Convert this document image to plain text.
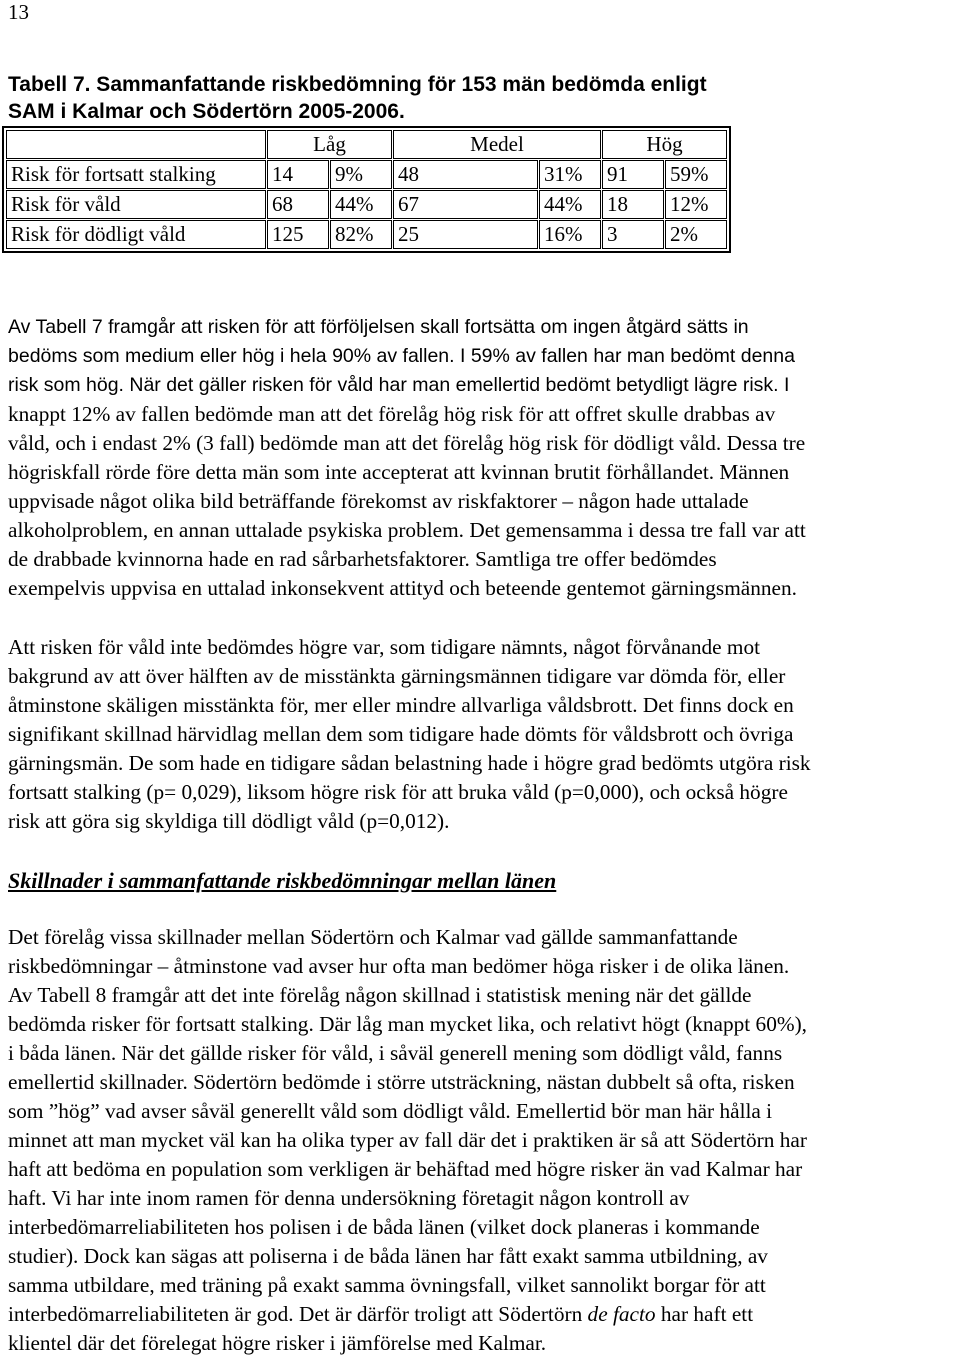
13
Tabell 7. Sammanfattande riskbedömning för 153 män bedömda enligt
SAM i Kalmar och Södertörn 2005-2006.
	Låg		Medel		Hög	
Risk för fortsatt stalking	14	9%	48	31%	91	59%
Risk för våld	68	44%	67	44%	18	12%
Risk för dödligt våld	125	82%	25	16%	3	2%

Av Tabell 7 framgår att risken för att förföljelsen skall fortsätta om ingen åtgärd sätts in
bedöms som medium eller hög i hela 90% av fallen. I 59% av fallen har man bedömt denna
risk som hög. När det gäller risken för våld har man emellertid bedömt betydligt lägre risk. I

knappt 12% av fallen bedömde man att det förelåg hög risk för att offret skulle drabbas av
våld, och i endast 2% (3 fall) bedömde man att det förelåg hög risk för dödligt våld. Dessa tre
högriskfall rörde före detta män som inte accepterat att kvinnan brutit förhållandet. Männen
uppvisade något olika bild beträffande förekomst av riskfaktorer – någon hade uttalade
alkoholproblem, en annan uttalade psykiska problem. Det gemensamma i dessa tre fall var att
de drabbade kvinnorna hade en rad sårbarhetsfaktorer. Samtliga tre offer bedömdes
exempelvis uppvisa en uttalad inkonsekvent attityd och beteende gentemot gärningsmännen.

Att risken för våld inte bedömdes högre var, som tidigare nämnts, något förvånande mot
bakgrund av att över hälften av de misstänkta gärningsmännen tidigare var dömda för, eller
åtminstone skäligen misstänkta för, mer eller mindre allvarliga våldsbrott. Det finns dock en
signifikant skillnad härvidlag mellan dem som tidigare hade dömts för våldsbrott och övriga
gärningsmän. De som hade en tidigare sådan belastning hade i högre grad bedömts utgöra risk
fortsatt stalking (p= 0,029), liksom högre risk för att bruka våld (p=0,000), och också högre
risk att göra sig skyldiga till dödligt våld (p=0,012).

Skillnader i sammanfattande riskbedömningar mellan länen

Det förelåg vissa skillnader mellan Södertörn och Kalmar vad gällde sammanfattande
riskbedömningar – åtminstone vad avser hur ofta man bedömer höga risker i de olika länen.
Av Tabell 8 framgår att det inte förelåg någon skillnad i statistisk mening när det gällde
bedömda risker för fortsatt stalking. Där låg man mycket lika, och relativt högt (knappt 60%),
i båda länen. När det gällde risker för våld, i såväl generell mening som dödligt våld, fanns
emellertid skillnader. Södertörn bedömde i större utsträckning, nästan dubbelt så ofta, risken
som ”hög” vad avser såväl generellt våld som dödligt våld. Emellertid bör man här hålla i
minnet att man mycket väl kan ha olika typer av fall där det i praktiken är så att Södertörn har
haft att bedöma en population som verkligen är behäftad med högre risker än vad Kalmar har
haft. Vi har inte inom ramen för denna undersökning företagit någon kontroll av
interbedömarreliabiliteten hos polisen i de båda länen (vilket dock planeras i kommande
studier). Dock kan sägas att poliserna i de båda länen har fått exakt samma utbildning, av
samma utbildare, med träning på exakt samma övningsfall, vilket sannolikt borgar för att
interbedömarreliabiliteten är god. Det är därför troligt att Södertörn de facto har haft ett
klientel där det förelegat högre risker i jämförelse med Kalmar.
